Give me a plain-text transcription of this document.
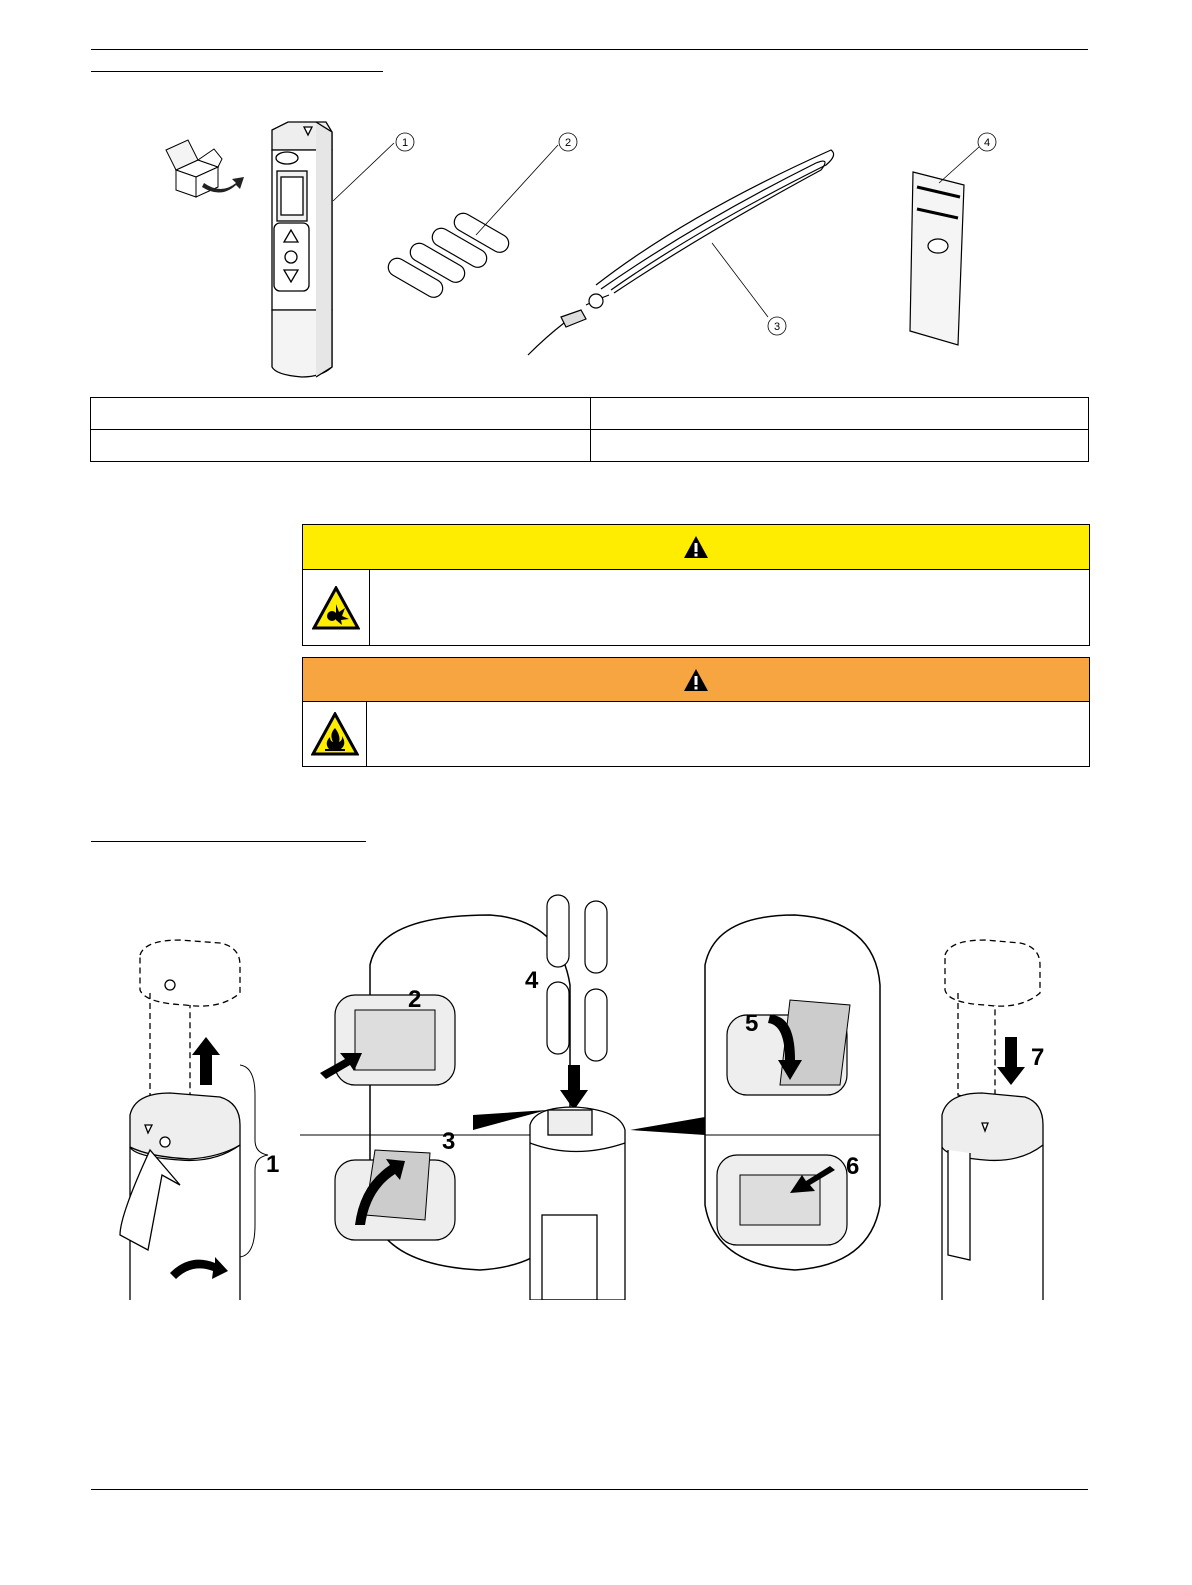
1	2
3
4

1
2
3
4
5
6
7
